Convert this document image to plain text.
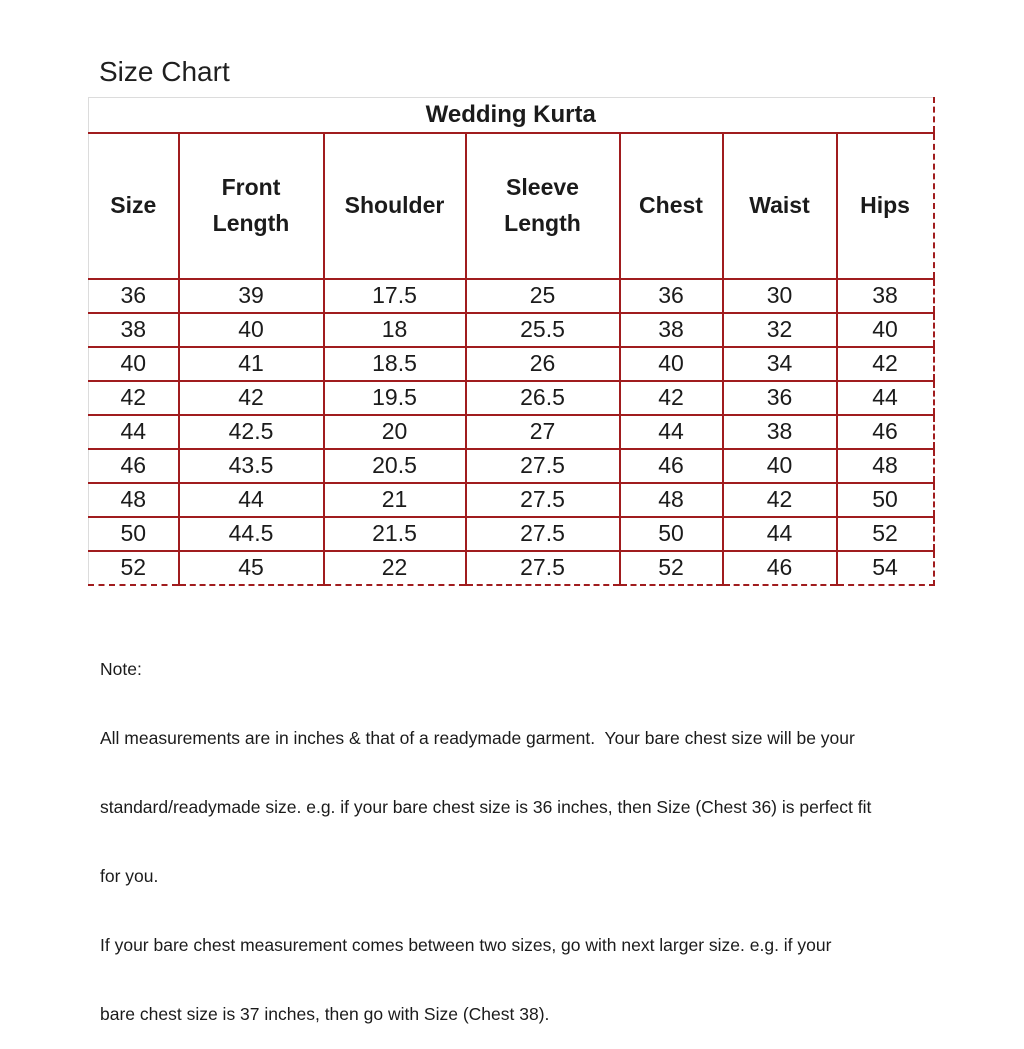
Size Chart
Wedding Kurta						
Size	Front Length	Shoulder	Sleeve Length	Chest	Waist	Hips
36	39	17.5	25	36	30	38
38	40	18	25.5	38	32	40
40	41	18.5	26	40	34	42
42	42	19.5	26.5	42	36	44
44	42.5	20	27	44	38	46
46	43.5	20.5	27.5	46	40	48
48	44	21	27.5	48	42	50
50	44.5	21.5	27.5	50	44	52
52	45	22	27.5	52	46	54

Note:

All measurements are in inches & that of a readymade garment.  Your bare chest size will be your

standard/readymade size. e.g. if your bare chest size is 36 inches, then Size (Chest 36) is perfect fit

for you.

If your bare chest measurement comes between two sizes, go with next larger size. e.g. if your

bare chest size is 37 inches, then go with Size (Chest 38).
